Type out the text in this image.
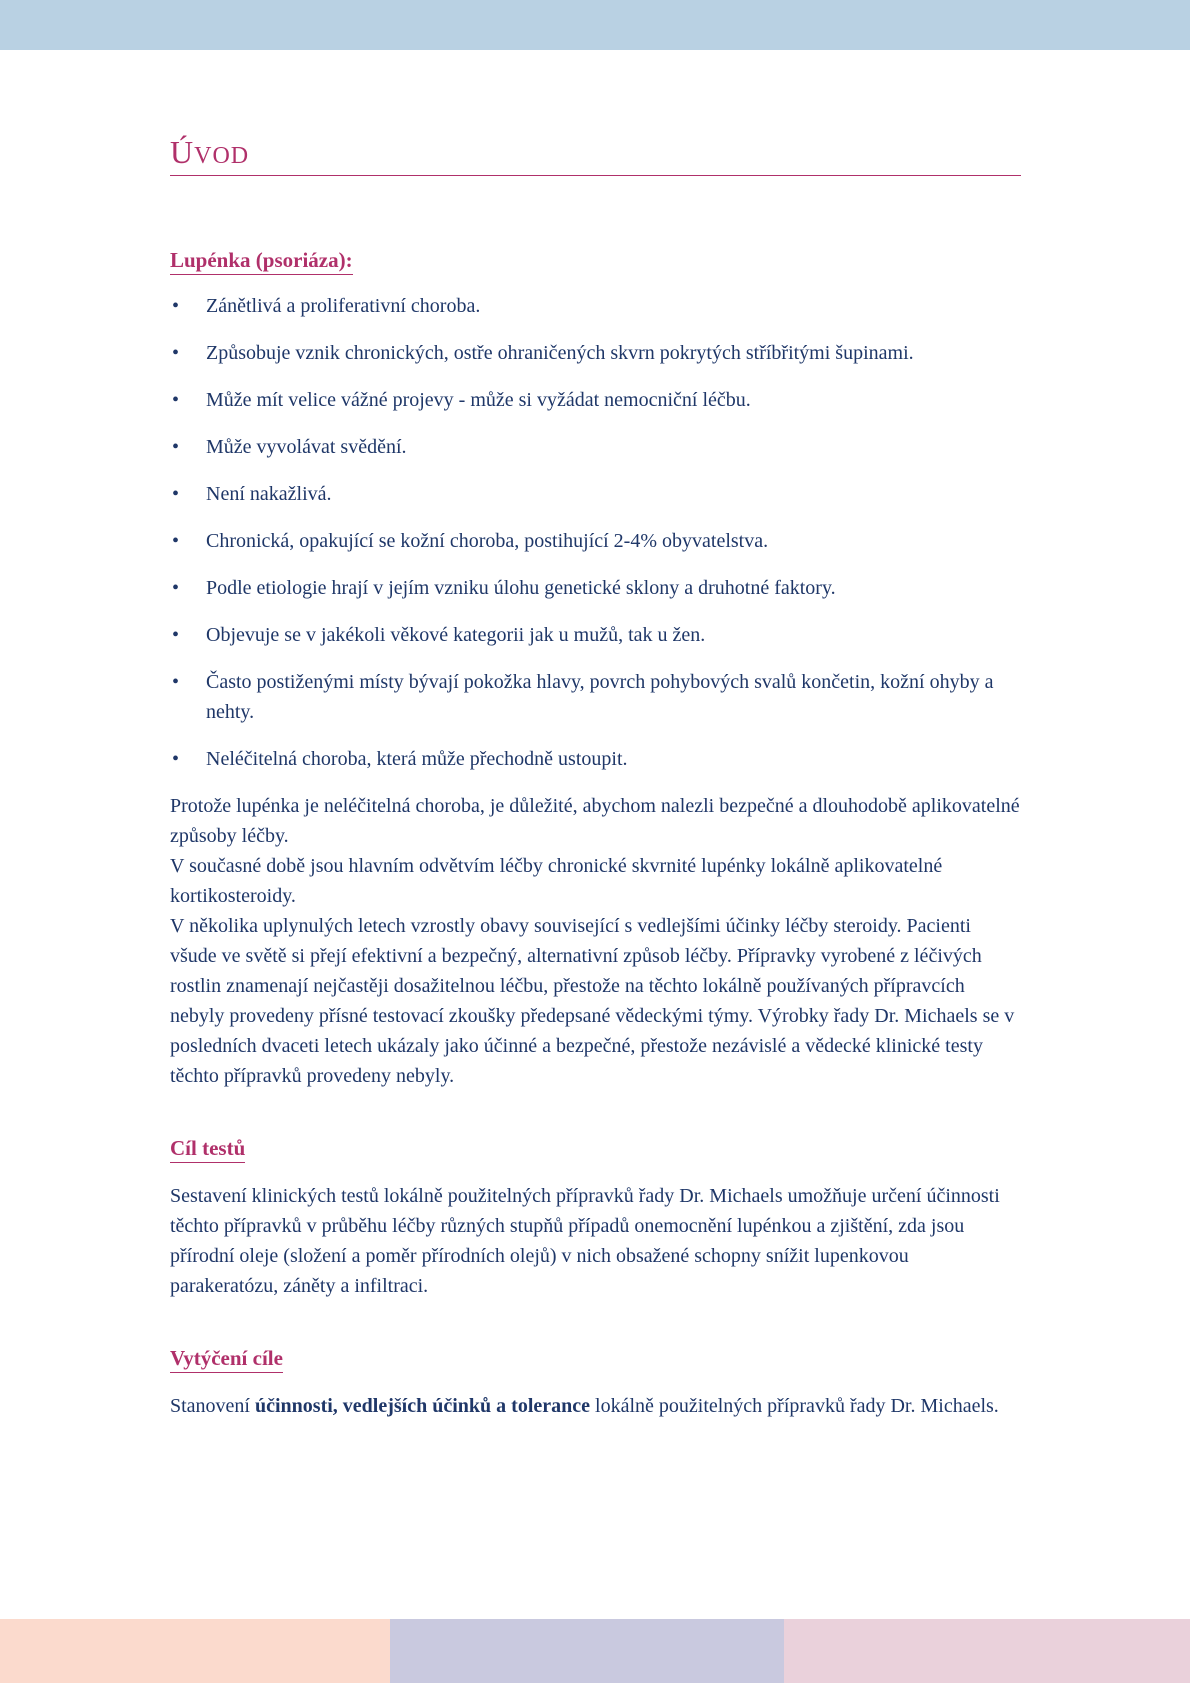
ÚVOD
Lupénka (psoriáza):
• Zánětlivá a proliferativní choroba.
• Způsobuje vznik chronických, ostře ohraničených skvrn pokrytých stříbřitými šupinami.
• Může mít velice vážné projevy - může si vyžádat nemocniční léčbu.
• Může vyvolávat svědění.
• Není nakažlivá.
• Chronická, opakující se kožní choroba, postihující 2-4% obyvatelstva.
• Podle etiologie hrají v jejím vzniku úlohu genetické sklony a druhotné faktory.
• Objevuje se v jakékoli věkové kategorii jak u mužů, tak u žen.
• Často postiženými místy bývají pokožka hlavy, povrch pohybových svalů končetin, kožní ohyby a nehty.
• Neléčitelná choroba, která může přechodně ustoupit.

Protože lupénka je neléčitelná choroba, je důležité, abychom nalezli bezpečné a dlouhodobě aplikovatelné způsoby léčby.

V současné době jsou hlavním odvětvím léčby chronické skvrnité lupénky lokálně aplikovatelné kortikosteroidy.

V několika uplynulých letech vzrostly obavy související s vedlejšími účinky léčby steroidy. Pacienti všude ve světě si přejí efektivní a bezpečný, alternativní způsob léčby. Přípravky vyrobené z léčivých rostlin znamenají nejčastěji dosažitelnou léčbu, přestože na těchto lokálně používaných přípravcích nebyly provedeny přísné testovací zkoušky předepsané vědeckými týmy. Výrobky řady Dr. Michaels se v posledních dvaceti letech ukázaly jako účinné a bezpečné, přestože nezávislé a vědecké klinické testy těchto přípravků provedeny nebyly.

Cíl testů

Sestavení klinických testů lokálně použitelných přípravků řady Dr. Michaels umožňuje určení účinnosti těchto přípravků v průběhu léčby různých stupňů případů onemocnění lupénkou a zjištění, zda jsou přírodní oleje (složení a poměr přírodních olejů) v nich obsažené schopny snížit lupenkovou parakeratózu, záněty a infiltraci.

Vytýčení cíle

Stanovení účinnosti, vedlejších účinků a tolerance lokálně použitelných přípravků řady Dr. Michaels.
